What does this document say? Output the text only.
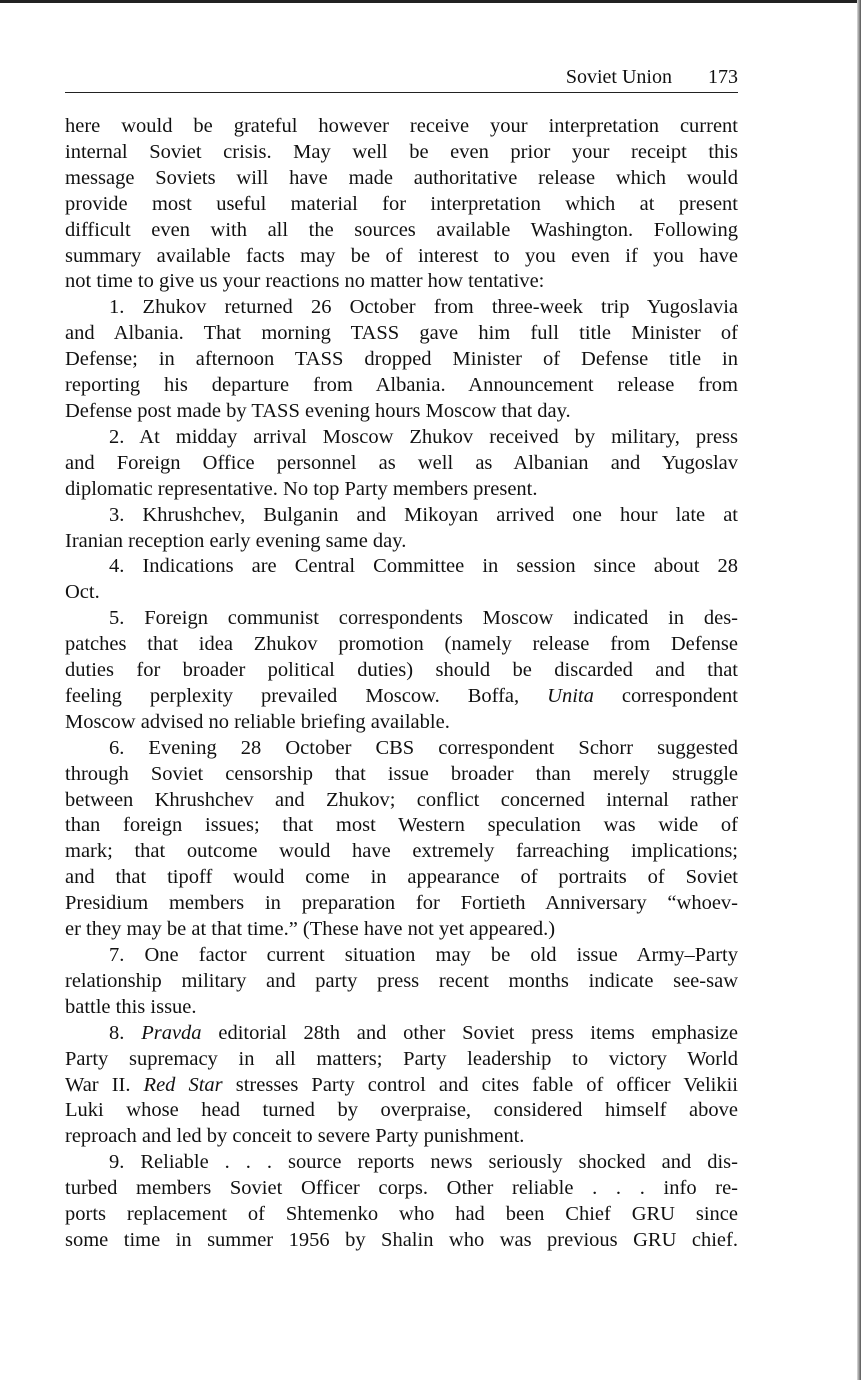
Soviet Union 173

here would be grateful however receive your interpretation current
internal Soviet crisis. May well be even prior your receipt this
message Soviets will have made authoritative release which would
provide most useful material for interpretation which at present
difficult even with all the sources available Washington. Following
summary available facts may be of interest to you even if you have
not time to give us your reactions no matter how tentative:

1. Zhukov returned 26 October from three-week trip Yugoslavia
and Albania. That morning TASS gave him full title Minister of
Defense; in afternoon TASS dropped Minister of Defense title in
reporting his departure from Albania. Announcement release from
Defense post made by TASS evening hours Moscow that day.

2. At midday arrival Moscow Zhukov received by military, press
and Foreign Office personnel as well as Albanian and Yugoslav
diplomatic representative. No top Party members present.

3. Khrushchev, Bulganin and Mikoyan arrived one hour late at
Iranian reception early evening same day.

4. Indications are Central Committee in session since about 28
Oct.

5. Foreign communist correspondents Moscow indicated in des-
patches that idea Zhukov promotion (namely release from Defense
duties for broader political duties) should be discarded and that
feeling perplexity prevailed Moscow. Boffa, Unita correspondent
Moscow advised no reliable briefing available.

6. Evening 28 October CBS correspondent Schorr suggested
through Soviet censorship that issue broader than merely struggle
between Khrushchev and Zhukov; conflict concerned internal rather
than foreign issues; that most Western speculation was wide of
mark; that outcome would have extremely farreaching implications;
and that tipoff would come in appearance of portraits of Soviet
Presidium members in preparation for Fortieth Anniversary “whoev-
er they may be at that time.” (These have not yet appeared.)

7. One factor current situation may be old issue Army–Party
relationship military and party press recent months indicate see-saw
battle this issue.

8. Pravda editorial 28th and other Soviet press items emphasize
Party supremacy in all matters; Party leadership to victory World
War II. Red Star stresses Party control and cites fable of officer Velikii
Luki whose head turned by overpraise, considered himself above
reproach and led by conceit to severe Party punishment.

9. Reliable . . . source reports news seriously shocked and dis-
turbed members Soviet Officer corps. Other reliable . . . info re-
ports replacement of Shtemenko who had been Chief GRU since
some time in summer 1956 by Shalin who was previous GRU chief.
